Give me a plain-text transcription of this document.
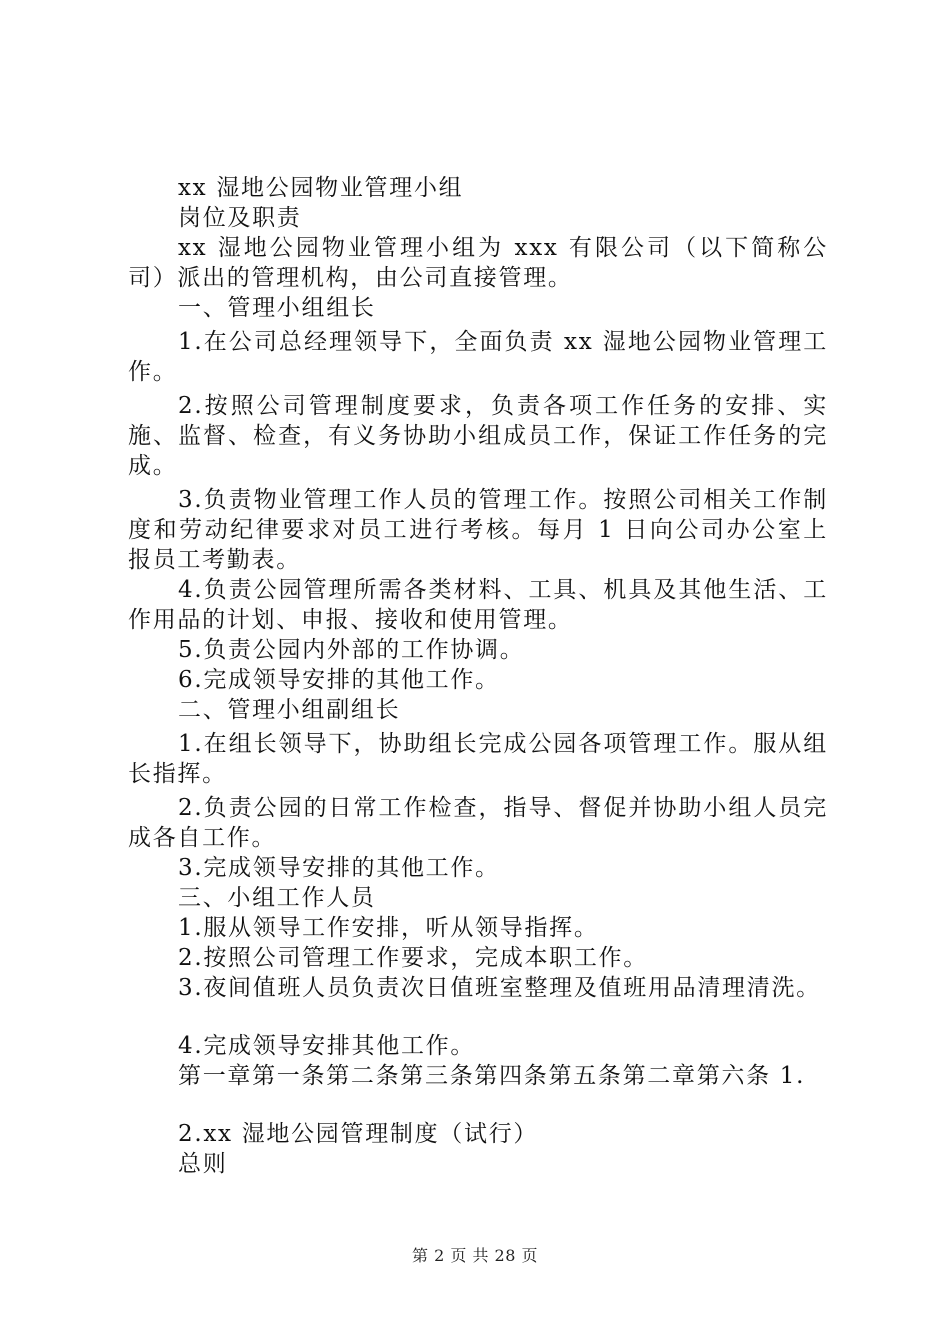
xx 湿地公园物业管理小组

岗位及职责

xx 湿地公园物业管理小组为 xxx 有限公司（以下简称公司）派出的管理机构，由公司直接管理。

一、管理小组组长

1.在公司总经理领导下，全面负责 xx 湿地公园物业管理工作。

2.按照公司管理制度要求，负责各项工作任务的安排、实施、监督、检查，有义务协助小组成员工作，保证工作任务的完成。

3.负责物业管理工作人员的管理工作。按照公司相关工作制度和劳动纪律要求对员工进行考核。每月 1 日向公司办公室上报员工考勤表。

4.负责公园管理所需各类材料、工具、机具及其他生活、工作用品的计划、申报、接收和使用管理。

5.负责公园内外部的工作协调。

6.完成领导安排的其他工作。

二、管理小组副组长

1.在组长领导下，协助组长完成公园各项管理工作。服从组长指挥。

2.负责公园的日常工作检查，指导、督促并协助小组人员完成各自工作。

3.完成领导安排的其他工作。

三、小组工作人员

1.服从领导工作安排，听从领导指挥。

2.按照公司管理工作要求，完成本职工作。

3.夜间值班人员负责次日值班室整理及值班用品清理清洗。

4.完成领导安排其他工作。

第一章第一条第二条第三条第四条第五条第二章第六条 1.

2.xx 湿地公园管理制度（试行）

总则

第 2 页 共 28 页
